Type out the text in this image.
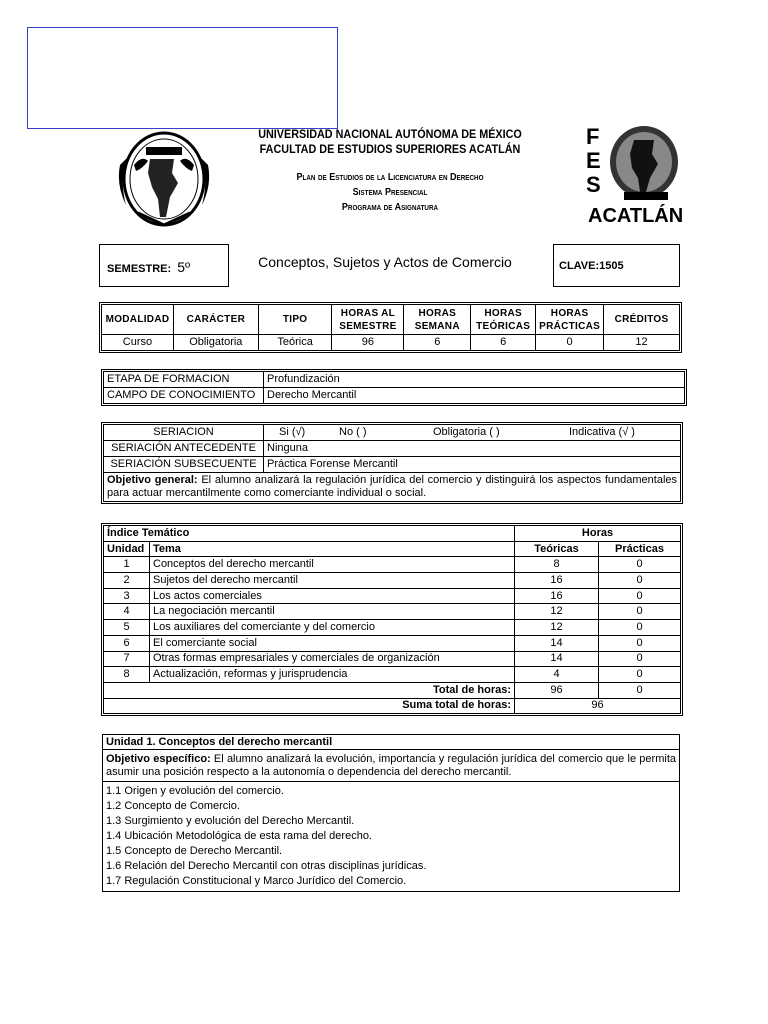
F
E
S
ACATLÁN
UNIVERSIDAD NACIONAL AUTÓNOMA DE MÉXICO
FACULTAD DE ESTUDIOS SUPERIORES ACATLÁN
Plan de Estudios de la Licenciatura en Derecho
Sistema Presencial
Programa de Asignatura
SEMESTRE: 5º	Conceptos, Sujetos y Actos de Comercio	CLAVE:1505
MODALIDAD	CARÁCTER	TIPO	HORAS AL SEMESTRE	HORAS SEMANA	HORAS TEÓRICAS	HORAS PRÁCTICAS	CRÉDITOS
Curso	Obligatoria	Teórica	96	6	6	0	12
ETAPA DE FORMACION	Profundización
CAMPO DE CONOCIMIENTO	Derecho Mercantil
SERIACION	Si (√) No ( ) Obligatoria ( ) Indicativa (√ )
SERIACIÓN ANTECEDENTE	Ninguna
SERIACIÓN SUBSECUENTE	Práctica Forense Mercantil
Objetivo general: El alumno analizará la regulación jurídica del comercio y distinguirá los aspectos fundamentales para actuar mercantilmente como comerciante individual o social.	
Índice Temático		Horas	
Unidad	Tema	Teóricas	Prácticas
1	Conceptos del derecho mercantil	8	0
2	Sujetos del derecho mercantil	16	0
3	Los actos comerciales	16	0
4	La negociación mercantil	12	0
5	Los auxiliares del comerciante y del comercio	12	0
6	El comerciante social	14	0
7	Otras formas empresariales y comerciales de organización	14	0
8	Actualización, reformas y jurisprudencia	4	0
Total de horas:		96	0
Suma total de horas:		96	
Unidad 1. Conceptos del derecho mercantil
Objetivo específico: El alumno analizará la evolución, importancia y regulación jurídica del comercio que le permita asumir una posición respecto a la autonomía o dependencia del derecho mercantil.

1.1 Origen y evolución del comercio.
1.2 Concepto de Comercio.
1.3 Surgimiento y evolución del Derecho Mercantil.
1.4 Ubicación Metodológica de esta rama del derecho.
1.5 Concepto de Derecho Mercantil.
1.6 Relación del Derecho Mercantil con otras disciplinas jurídicas.
1.7 Regulación Constitucional y Marco Jurídico del Comercio.
